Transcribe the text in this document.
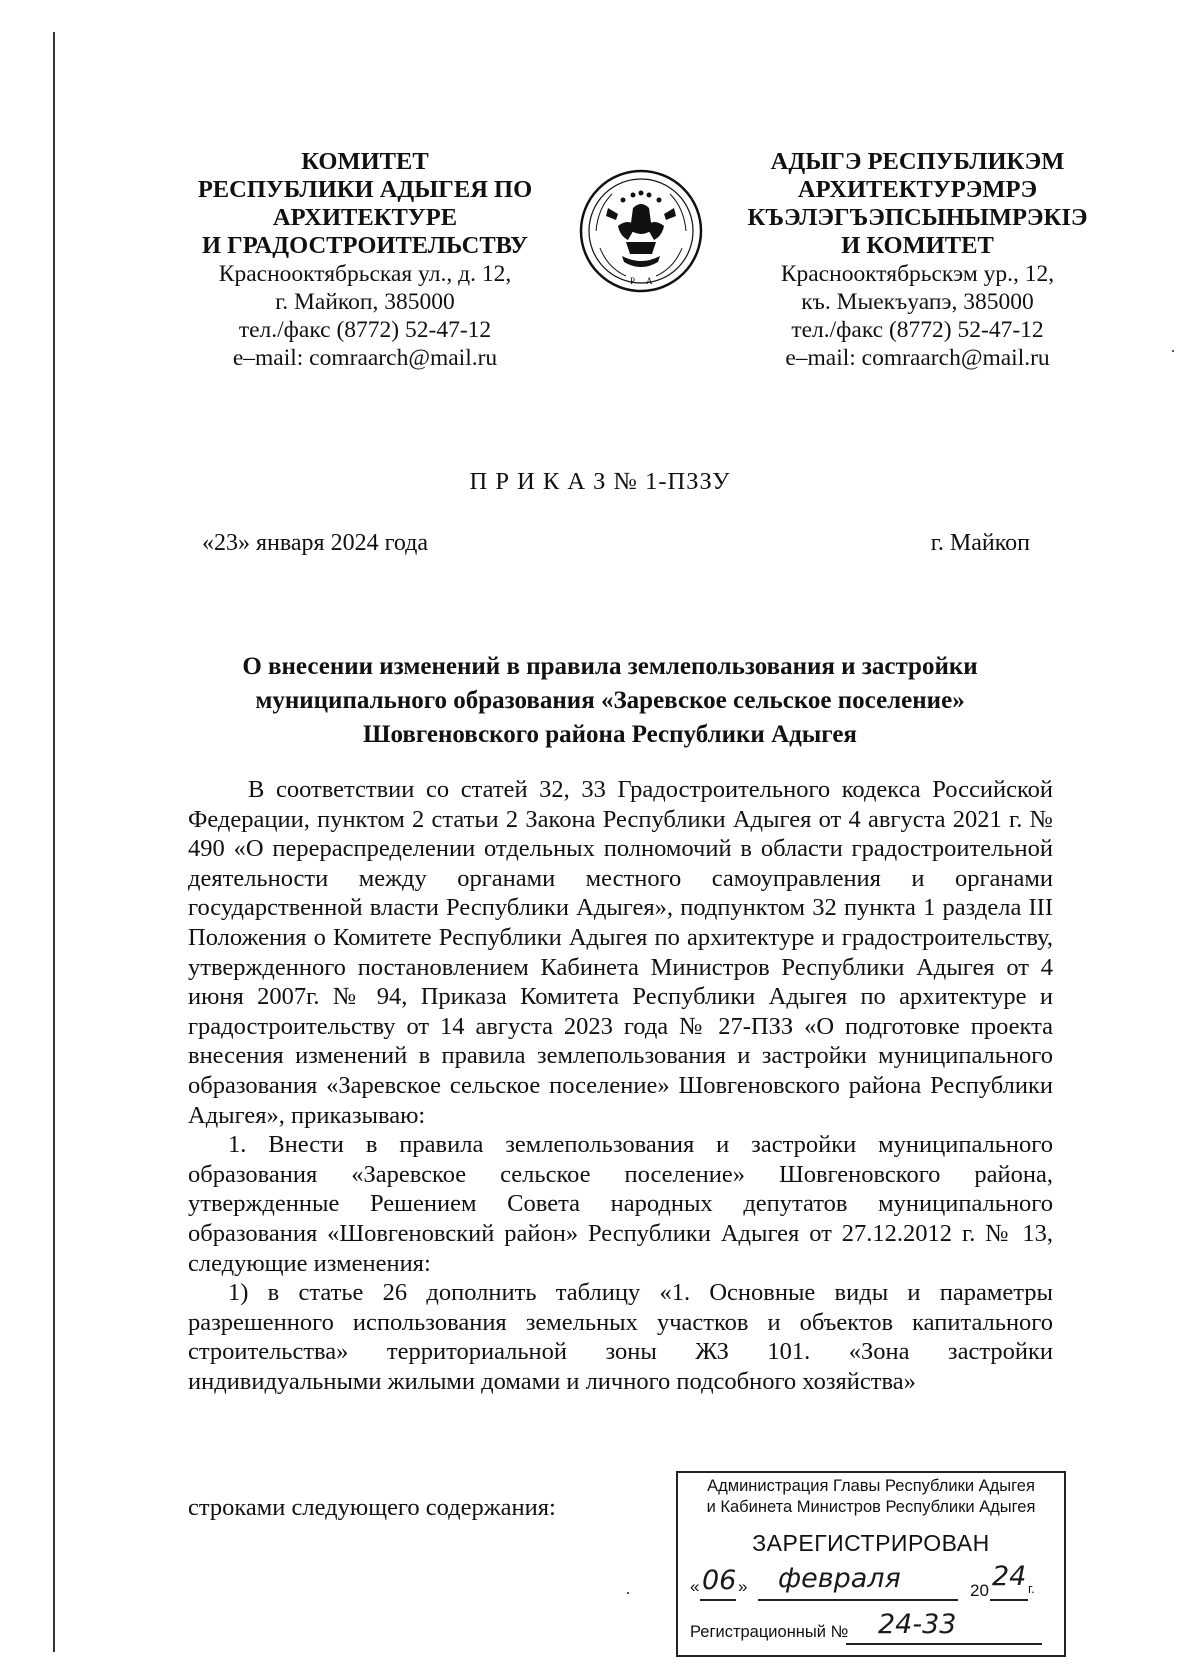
КОМИТЕТ
РЕСПУБЛИКИ АДЫГЕЯ ПО
АРХИТЕКТУРЕ
И ГРАДОСТРОИТЕЛЬСТВУ
Краснооктябрьская ул., д. 12,
г. Майкоп, 385000
тел./факс (8772) 52-47-12
e–mail: comraarch@mail.ru
Р А
АДЫГЭ РЕСПУБЛИКЭМ
АРХИТЕКТУРЭМРЭ
КЪЭЛЭГЪЭПСЫНЫМРЭКIЭ
И КОМИТЕТ
Краснооктябрьскэм ур., 12,
къ. Мыекъуапэ, 385000
тел./факс (8772) 52-47-12
e–mail: comraarch@mail.ru
П Р И К А З № 1-ПЗЗУ
«23» января 2024 года	г. Майкоп
О внесении изменений в правила землепользования и застройки
муниципального образования «Заревское сельское поселение»
Шовгеновского района Республики Адыгея

В соответствии со статей 32, 33 Градостроительного кодекса Российской Федерации, пунктом 2 статьи 2 Закона Республики Адыгея от 4 августа 2021 г. № 490 «О перераспределении отдельных полномочий в области градостроительной деятельности между органами местного самоуправления и органами государственной власти Республики Адыгея», подпунктом 32 пункта 1 раздела III Положения о Комитете Республики Адыгея по архитектуре и градостроительству, утвержденного постановлением Кабинета Министров Республики Адыгея от 4 июня 2007г. № 94, Приказа Комитета Республики Адыгея по архитектуре и градостроительству от 14 августа 2023 года № 27-ПЗЗ «О подготовке проекта внесения изменений в правила землепользования и застройки муниципального образования «Заревское сельское поселение» Шовгеновского района Республики Адыгея», приказываю:

1. Внести в правила землепользования и застройки муниципального образования «Заревское сельское поселение» Шовгеновского района, утвержденные Решением Совета народных депутатов муниципального образования «Шовгеновский район» Республики Адыгея от 27.12.2012 г. № 13, следующие изменения:

1) в статье 26 дополнить таблицу «1. Основные виды и параметры разрешенного использования земельных участков и объектов капитального строительства» территориальной зоны ЖЗ 101. «Зона застройки индивидуальными жилыми домами и личного подсобного хозяйства»

строками следующего содержания:
Администрация Главы Республики Адыгея
и Кабинета Министров Республики Адыгея
ЗАРЕГИСТРИРОВАН
« 06 » февраля	20 24 г.
Регистрационный № 24-33
